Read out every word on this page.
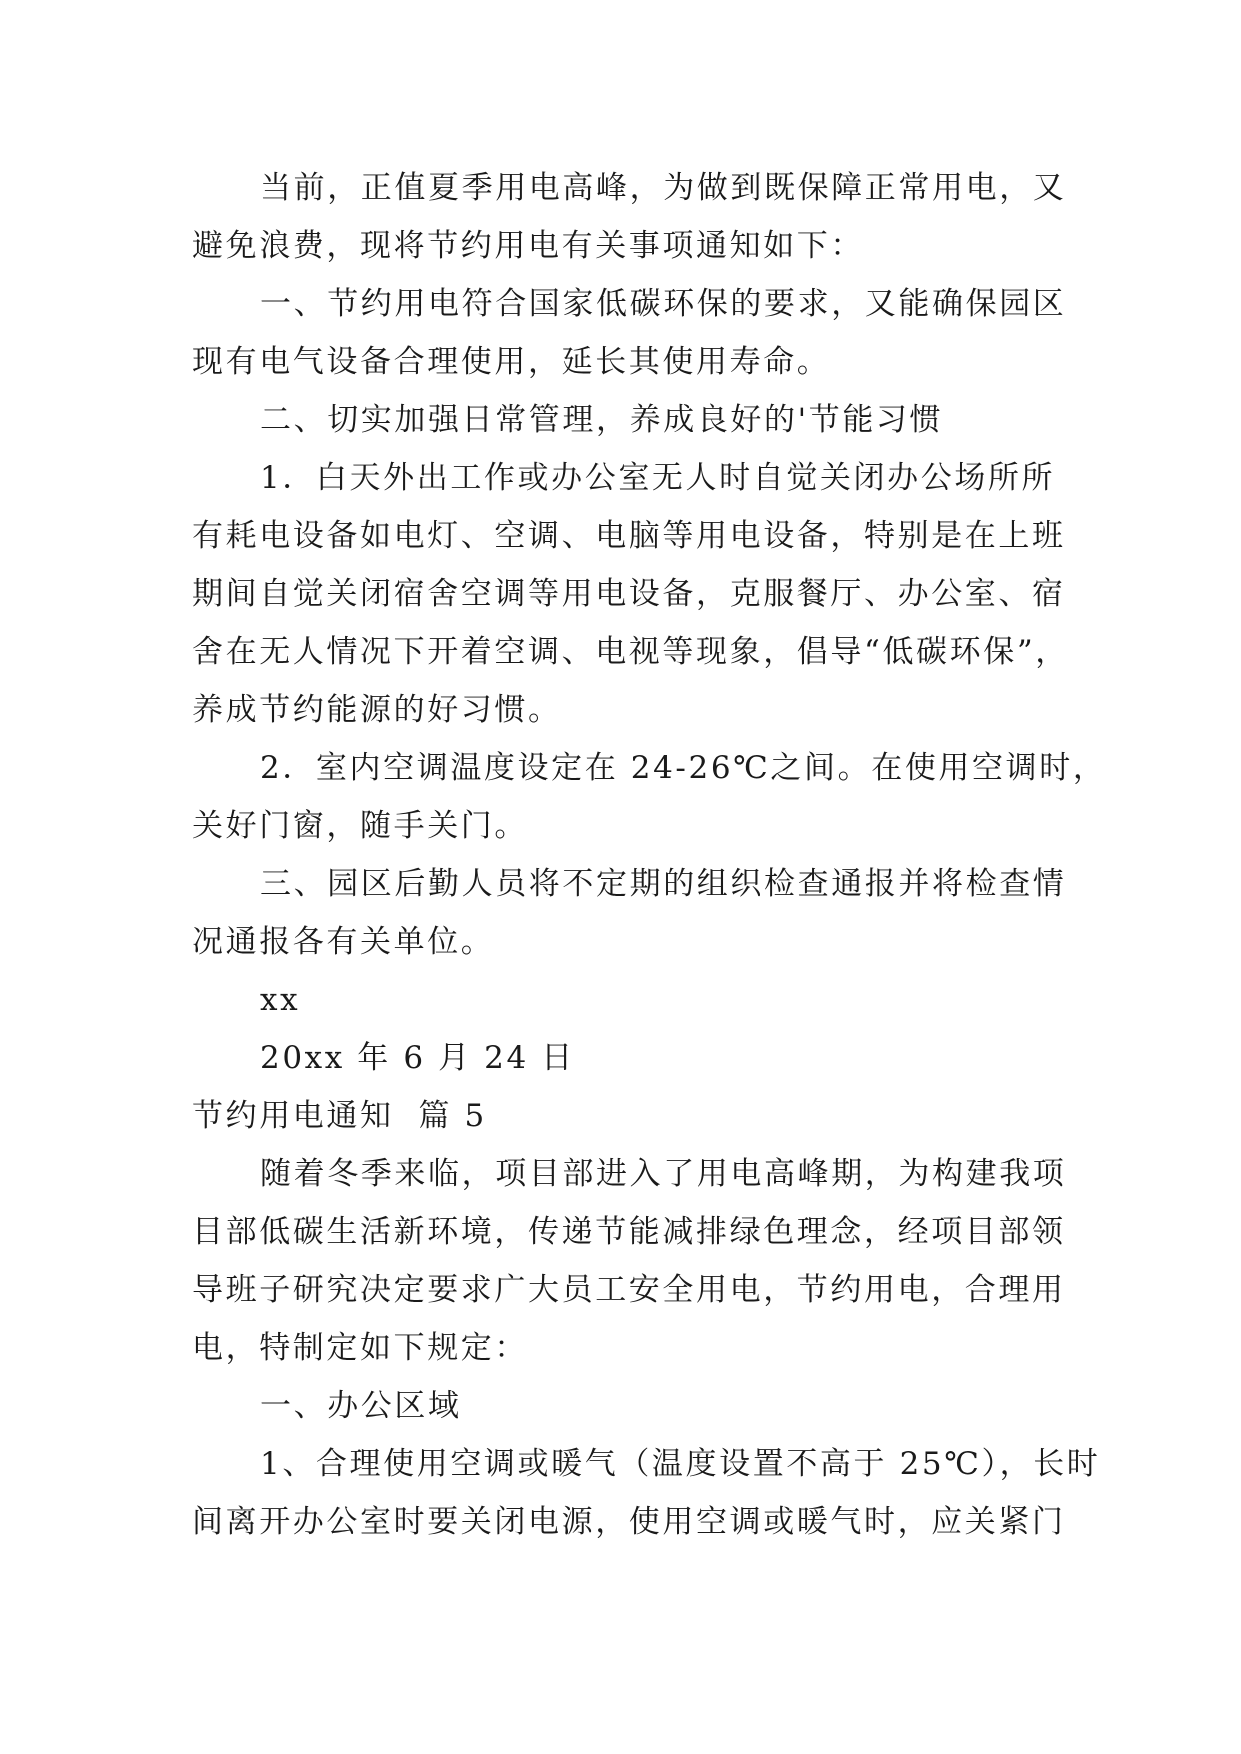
当前，正值夏季用电高峰，为做到既保障正常用电，又
避免浪费，现将节约用电有关事项通知如下：
一、节约用电符合国家低碳环保的要求，又能确保园区
现有电气设备合理使用，延长其使用寿命。
二、切实加强日常管理，养成良好的'节能习惯
1．白天外出工作或办公室无人时自觉关闭办公场所所
有耗电设备如电灯、空调、电脑等用电设备，特别是在上班
期间自觉关闭宿舍空调等用电设备，克服餐厅、办公室、宿
舍在无人情况下开着空调、电视等现象，倡导“低碳环保”，
养成节约能源的好习惯。
2．室内空调温度设定在 24-26℃之间。在使用空调时，
关好门窗，随手关门。
三、园区后勤人员将不定期的组织检查通报并将检查情
况通报各有关单位。
xx
20xx 年 6 月 24 日
节约用电通知  篇 5
随着冬季来临，项目部进入了用电高峰期，为构建我项
目部低碳生活新环境，传递节能减排绿色理念，经项目部领
导班子研究决定要求广大员工安全用电，节约用电，合理用
电，特制定如下规定：
一、办公区域
1、合理使用空调或暖气（温度设置不高于 25℃），长时
间离开办公室时要关闭电源，使用空调或暖气时，应关紧门
